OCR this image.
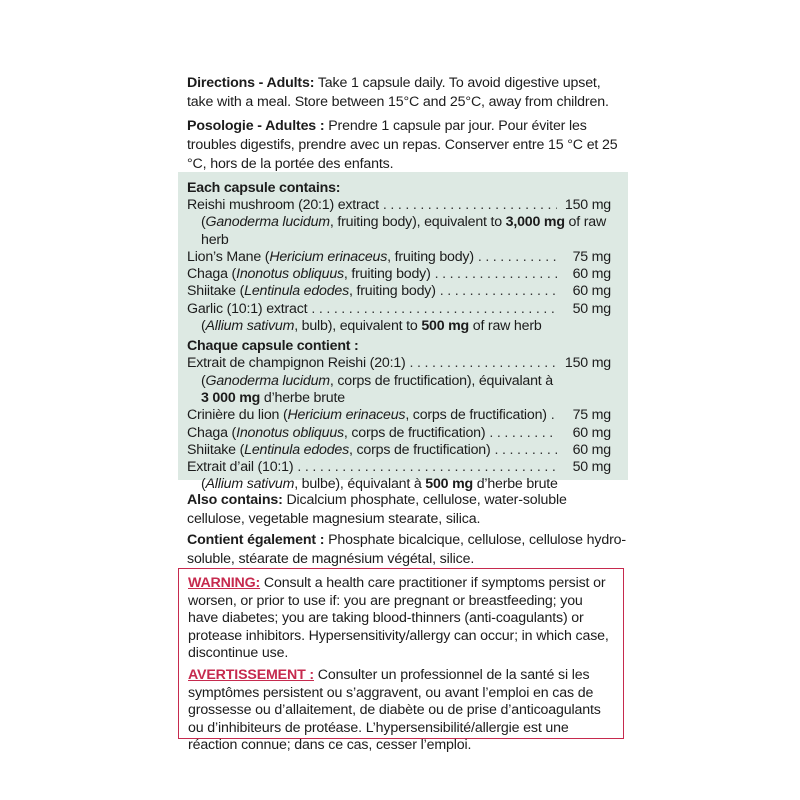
Directions - Adults: Take 1 capsule daily. To avoid digestive upset, take with a meal. Store between 15°C and 25°C, away from children.
Posologie - Adultes : Prendre 1 capsule par jour. Pour éviter les troubles digestifs, prendre avec un repas. Conserver entre 15 °C et 25 °C, hors de la portée des enfants.
Each capsule contains:
Reishi mushroom (20:1) extract . . .	150 mg
(Ganoderma lucidum, fruiting body), equivalent to 3,000 mg of raw herb
Lion’s Mane (Hericium erinaceus, fruiting body) . . .	75 mg
Chaga (Inonotus obliquus, fruiting body) . . .	60 mg
Shiitake (Lentinula edodes, fruiting body) . . .	60 mg
Garlic (10:1) extract . . .	50 mg
(Allium sativum, bulb), equivalent to 500 mg of raw herb
Chaque capsule contient :
Extrait de champignon Reishi (20:1) . . .	150 mg
(Ganoderma lucidum, corps de fructification), équivalant à
3 000 mg d’herbe brute
Crinière du lion (Hericium erinaceus, corps de fructification) . . .	75 mg
Chaga (Inonotus obliquus, corps de fructification) . . .	60 mg
Shiitake (Lentinula edodes, corps de fructification) . . .	60 mg
Extrait d’ail (10:1) . . .	50 mg
(Allium sativum, bulbe), équivalant à 500 mg d’herbe brute
Also contains: Dicalcium phosphate, cellulose, water-soluble cellulose, vegetable magnesium stearate, silica.
Contient également : Phosphate bicalcique, cellulose, cellulose hydro-soluble, stéarate de magnésium végétal, silice.
WARNING: Consult a health care practitioner if symptoms persist or worsen, or prior to use if: you are pregnant or breastfeeding; you have diabetes; you are taking blood-thinners (anti-coagulants) or protease inhibitors. Hypersensitivity/allergy can occur; in which case, discontinue use.
AVERTISSEMENT : Consulter un professionnel de la santé si les symptômes persistent ou s’aggravent, ou avant l’emploi en cas de grossesse ou d’allaitement, de diabète ou de prise d’anticoagulants ou d’inhibiteurs de protéase. L’hypersensibilité/allergie est une réaction connue; dans ce cas, cesser l’emploi.
